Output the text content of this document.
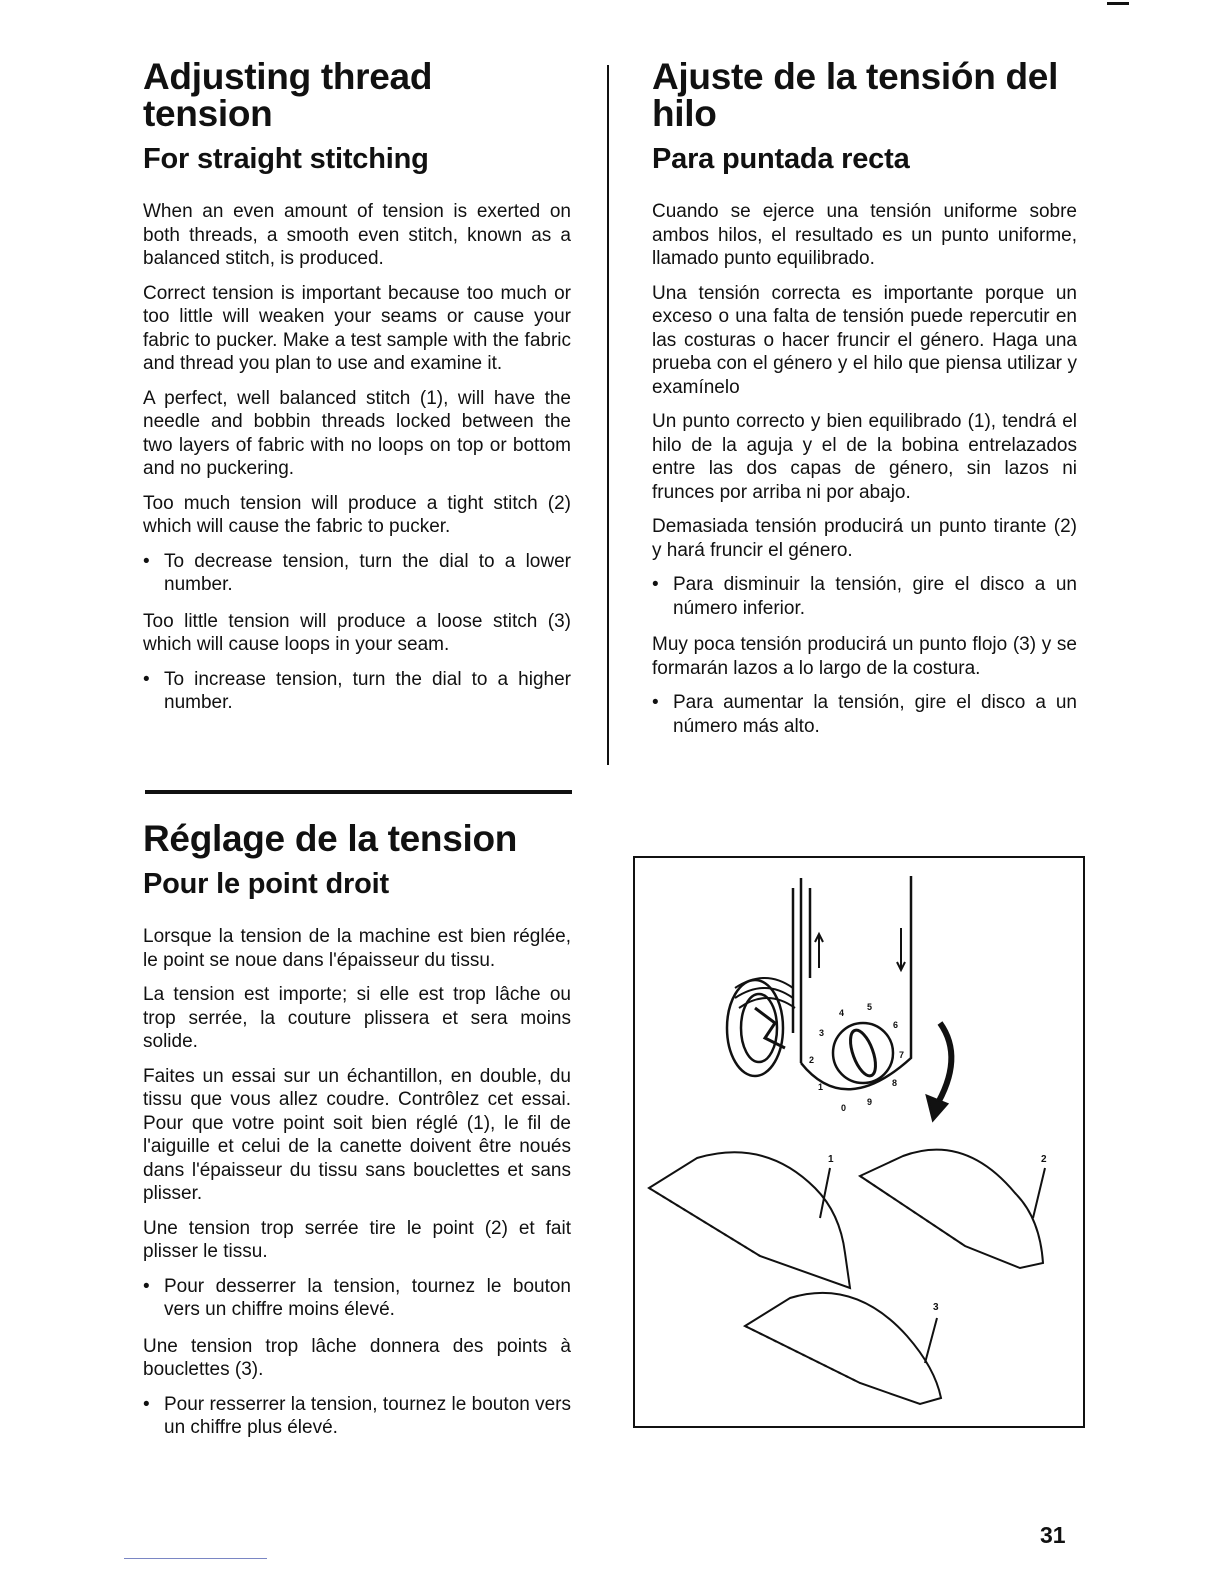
Adjusting thread tension
For straight stitching

When an even amount of tension is exerted on both threads, a smooth even stitch, known as a balanced stitch, is produced.

Correct tension is important because too much or too little will weaken your seams or cause your fabric to pucker. Make a test sample with the fabric and thread you plan to use and examine it.

A perfect, well balanced stitch (1), will have the needle and bobbin threads locked between the two layers of fabric with no loops on top or bottom and no puckering.

Too much tension will produce a tight stitch (2) which will cause the fabric to pucker.

• To decrease tension, turn the dial to a lower number.

Too little tension will produce a loose stitch (3) which will cause loops in your seam.

• To increase tension, turn the dial to a higher number.

Ajuste de la tensión del hilo
Para puntada recta

Cuando se ejerce una tensión uniforme sobre ambos hilos, el resultado es un punto uniforme, llamado punto equilibrado.

Una tensión correcta es importante porque un exceso o una falta de tensión puede repercutir en las costuras o hacer fruncir el género. Haga una prueba con el género y el hilo que piensa utilizar y examínelo

Un punto correcto y bien equilibrado (1), tendrá el hilo de la aguja y el de la bobina entrelazados entre las dos capas de género, sin lazos ni frunces por arriba ni por abajo.

Demasiada tensión producirá un punto tirante (2) y hará fruncir el género.

• Para disminuir la tensión, gire el disco a un número inferior.

Muy poca tensión producirá un punto flojo (3) y se formarán lazos a lo largo de la costura.

• Para aumentar la tensión, gire el disco a un número más alto.

Réglage de la tension
Pour le point droit

Lorsque la tension de la machine est bien réglée, le point se noue dans l'épaisseur du tissu.

La tension est importe; si elle est trop lâche ou trop serrée, la couture plissera et sera moins solide.

Faites un essai sur un échantillon, en double, du tissu que vous allez coudre. Contrôlez cet essai. Pour que votre point soit bien réglé (1), le fil de l'aiguille et celui de la canette doivent être noués dans l'épaisseur du tissu sans bouclettes et sans plisser.

Une tension trop serrée tire le point (2) et fait plisser le tissu.

• Pour desserrer la tension, tournez le bouton vers un chiffre moins élevé.

Une tension trop lâche donnera des points à bouclettes (3).

• Pour resserrer la tension, tournez le bouton vers un chiffre plus élevé.

0
1
2
3
4
5
6
7
8
9
1	2
3
31
